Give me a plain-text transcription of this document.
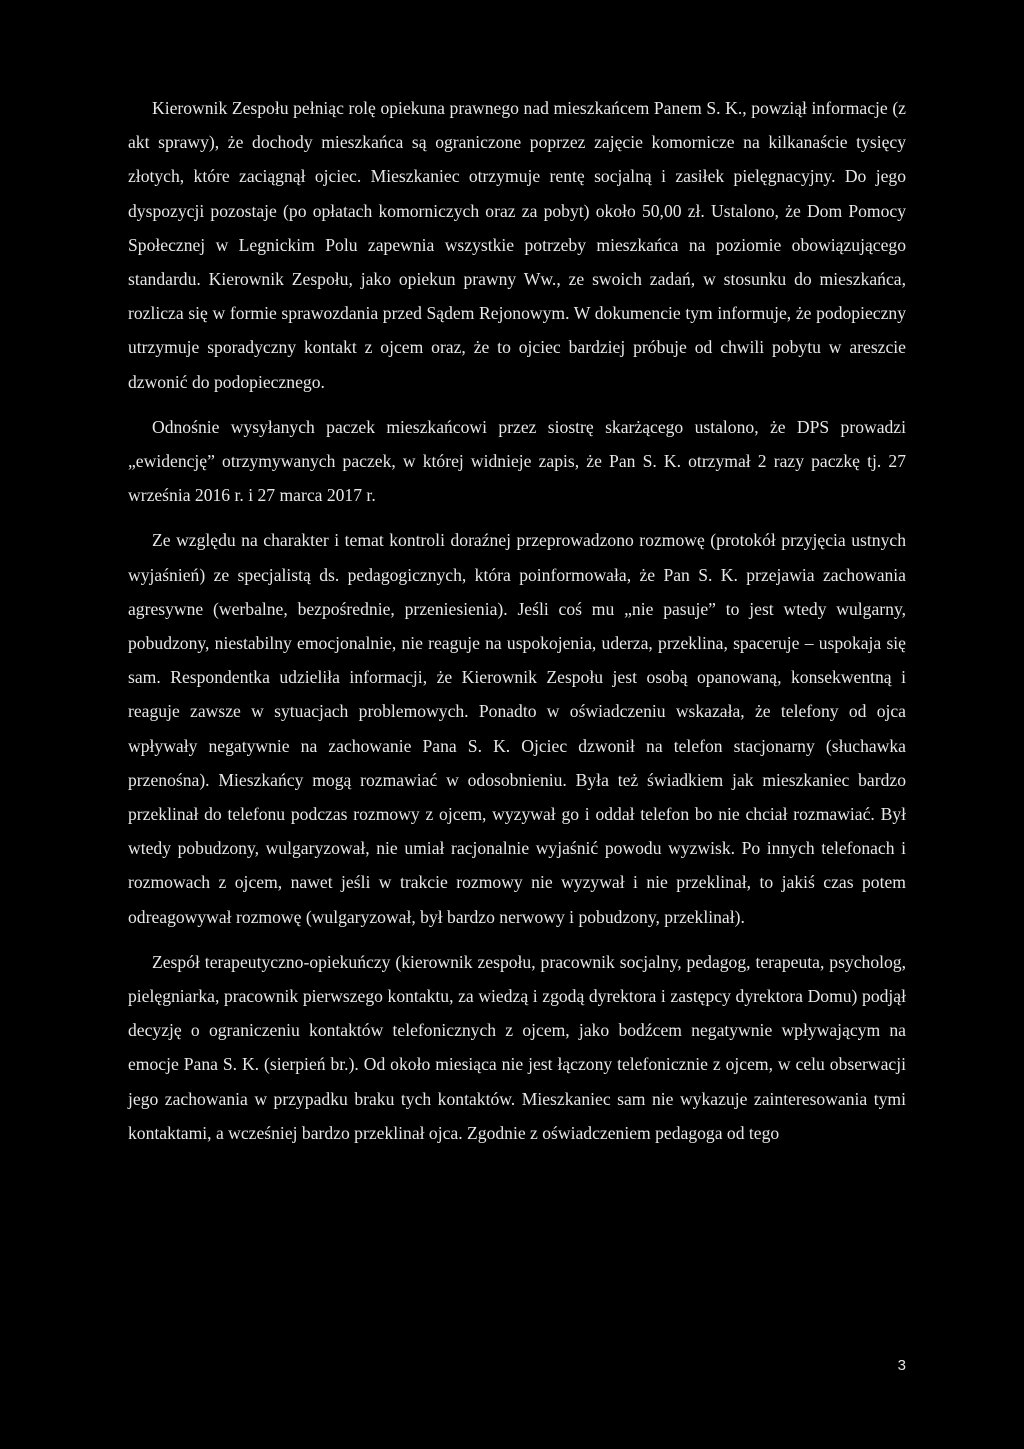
Kierownik Zespołu pełniąc rolę opiekuna prawnego nad mieszkańcem Panem S. K., powziął informacje (z akt sprawy), że dochody mieszkańca są ograniczone poprzez zajęcie komornicze na kilkanaście tysięcy złotych, które zaciągnął ojciec. Mieszkaniec otrzymuje rentę socjalną i zasiłek pielęgnacyjny. Do jego dyspozycji pozostaje (po opłatach komorniczych oraz za pobyt) około 50,00 zł. Ustalono, że Dom Pomocy Społecznej w Legnickim Polu zapewnia wszystkie potrzeby mieszkańca na poziomie obowiązującego standardu. Kierownik Zespołu, jako opiekun prawny Ww., ze swoich zadań, w stosunku do mieszkańca, rozlicza się w formie sprawozdania przed Sądem Rejonowym. W dokumencie tym informuje, że podopieczny utrzymuje sporadyczny kontakt z ojcem oraz, że to ojciec bardziej próbuje od chwili pobytu w areszcie dzwonić do podopiecznego.

Odnośnie wysyłanych paczek mieszkańcowi przez siostrę skarżącego ustalono, że DPS prowadzi „ewidencję” otrzymywanych paczek, w której widnieje zapis, że Pan S. K. otrzymał 2 razy paczkę tj. 27 września 2016 r. i 27 marca 2017 r.

Ze względu na charakter i temat kontroli doraźnej przeprowadzono rozmowę (protokół przyjęcia ustnych wyjaśnień) ze specjalistą ds. pedagogicznych, która poinformowała, że Pan S. K. przejawia zachowania agresywne (werbalne, bezpośrednie, przeniesienia). Jeśli coś mu „nie pasuje” to jest wtedy wulgarny, pobudzony, niestabilny emocjonalnie, nie reaguje na uspokojenia, uderza, przeklina, spaceruje – uspokaja się sam. Respondentka udzieliła informacji, że Kierownik Zespołu jest osobą opanowaną, konsekwentną i reaguje zawsze w sytuacjach problemowych. Ponadto w oświadczeniu wskazała, że telefony od ojca wpływały negatywnie na zachowanie Pana S. K. Ojciec dzwonił na telefon stacjonarny (słuchawka przenośna). Mieszkańcy mogą rozmawiać w odosobnieniu. Była też świadkiem jak mieszkaniec bardzo przeklinał do telefonu podczas rozmowy z ojcem, wyzywał go i oddał telefon bo nie chciał rozmawiać. Był wtedy pobudzony, wulgaryzował, nie umiał racjonalnie wyjaśnić powodu wyzwisk. Po innych telefonach i rozmowach z ojcem, nawet jeśli w trakcie rozmowy nie wyzywał i nie przeklinał, to jakiś czas potem odreagowywał rozmowę (wulgaryzował, był bardzo nerwowy i pobudzony, przeklinał).

Zespół terapeutyczno-opiekuńczy (kierownik zespołu, pracownik socjalny, pedagog, terapeuta, psycholog, pielęgniarka, pracownik pierwszego kontaktu, za wiedzą i zgodą dyrektora i zastępcy dyrektora Domu) podjął decyzję o ograniczeniu kontaktów telefonicznych z ojcem, jako bodźcem negatywnie wpływającym na emocje Pana S. K. (sierpień br.). Od około miesiąca nie jest łączony telefonicznie z ojcem, w celu obserwacji jego zachowania w przypadku braku tych kontaktów. Mieszkaniec sam nie wykazuje zainteresowania tymi kontaktami, a wcześniej bardzo przeklinał ojca. Zgodnie z oświadczeniem pedagoga od tego

3
